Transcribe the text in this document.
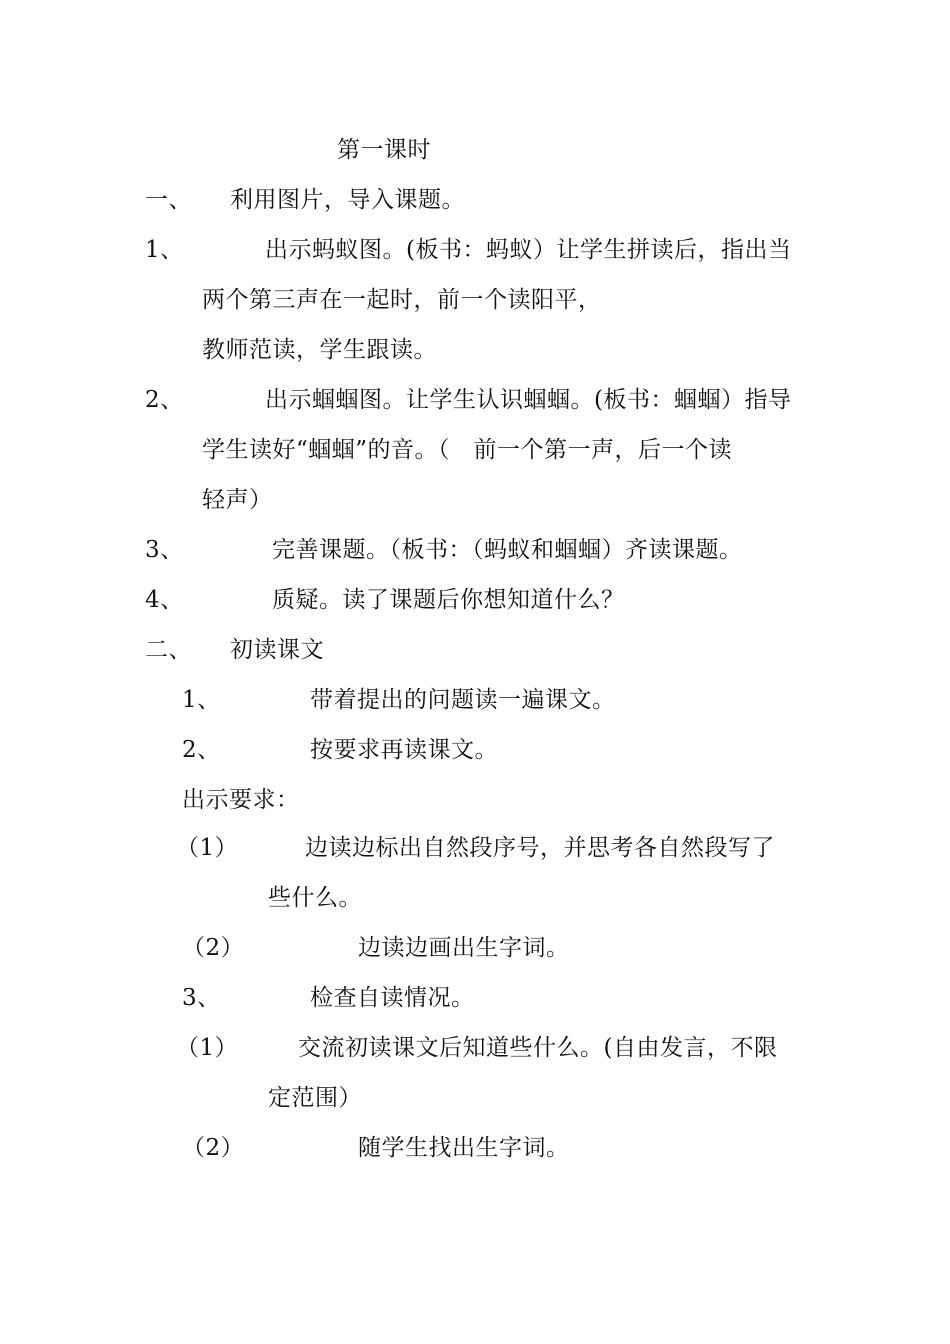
第一课时
一、 利用图片，导入课题。
1、	出示蚂蚁图。(板书：蚂蚁）让学生拼读后，指出当
两个第三声在一起时，前一个读阳平，
教师范读，学生跟读。
2、	出示蝈蝈图。让学生认识蝈蝈。(板书：蝈蝈）指导
学生读好“蝈蝈”的音。（　前一个第一声，后一个读
轻声）
3、	完善课题。（板书：（蚂蚁和蝈蝈）齐读课题。
4、	质疑。读了课题后你想知道什么？
二、 初读课文
1、	带着提出的问题读一遍课文。
2、	按要求再读课文。
出示要求：
（1）	边读边标出自然段序号，并思考各自然段写了
些什么。
（2）	边读边画出生字词。
3、	检查自读情况。
（1）	交流初读课文后知道些什么。(自由发言，不限
定范围）
（2）	随学生找出生字词。
